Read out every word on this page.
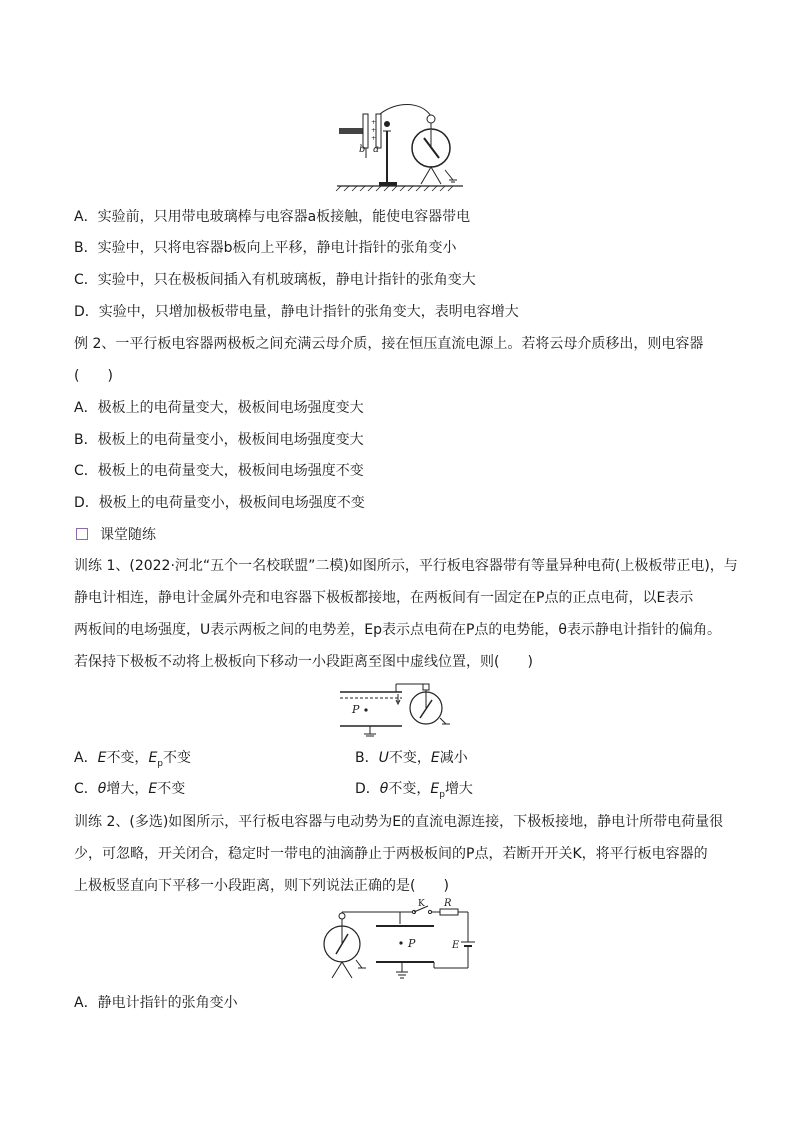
+
+
+
b a
A．实验前，只用带电玻璃棒与电容器a板接触，能使电容器带电
B．实验中，只将电容器b板向上平移，静电计指针的张角变小
C．实验中，只在极板间插入有机玻璃板，静电计指针的张角变大
D．实验中，只增加极板带电量，静电计指针的张角变大，表明电容增大
例 2、一平行板电容器两极板之间充满云母介质，接在恒压直流电源上。若将云母介质移出，则电容器
(　　)
A．极板上的电荷量变大，极板间电场强度变大
B．极板上的电荷量变小，极板间电场强度变大
C．极板上的电荷量变大，极板间电场强度不变
D．极板上的电荷量变小，极板间电场强度不变
课堂随练
训练 1、(2022·河北“五个一名校联盟”二模)如图所示，平行板电容器带有等量异种电荷(上极板带正电)，与
静电计相连，静电计金属外壳和电容器下极板都接地，在两板间有一固定在P点的正点电荷，以E表示
两板间的电场强度，U表示两板之间的电势差，Ep表示点电荷在P点的电势能，θ表示静电计指针的偏角。
若保持下极板不动将上极板向下移动一小段距离至图中虚线位置，则(　　)
P
A．E不变，$E_p$不变	B．U不变，E减小
C．θ增大，E不变	D．θ不变，$E_p$增大
训练 2、(多选)如图所示，平行板电容器与电动势为E的直流电源连接，下极板接地，静电计所带电荷量很
少，可忽略，开关闭合，稳定时一带电的油滴静止于两极板间的P点，若断开开关K，将平行板电容器的
上极板竖直向下平移一小段距离，则下列说法正确的是(　　)
P
K R
E
A．静电计指针的张角变小
